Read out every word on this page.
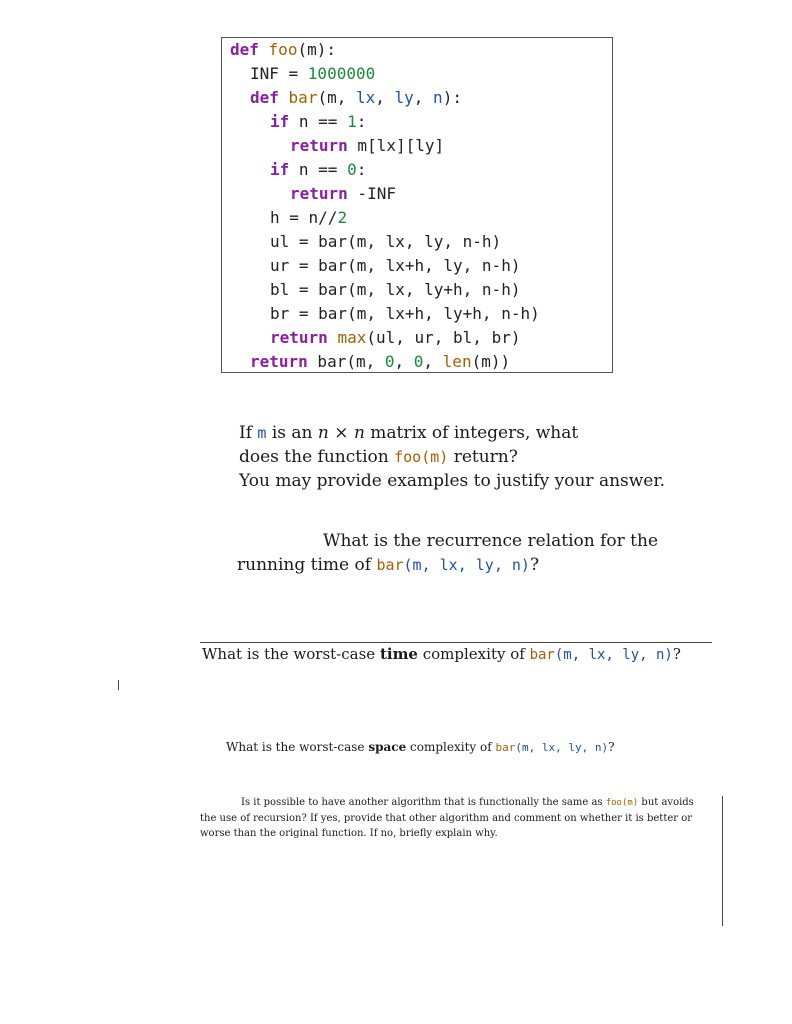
def foo(m):
INF = 1000000
def bar(m, lx, ly, n):
if n == 1:
return m[lx][ly]
if n == 0:
return -INF
h = n//2
ul = bar(m, lx, ly, n-h)
ur = bar(m, lx+h, ly, n-h)
bl = bar(m, lx, ly+h, n-h)
br = bar(m, lx+h, ly+h, n-h)
return max(ul, ur, bl, br)
return bar(m, 0, 0, len(m))
If m is an n × n matrix of integers, what
does the function foo(m) return?
You may provide examples to justify your answer.
What is the recurrence relation for the
running time of bar(m, lx, ly, n)?
What is the worst-case time complexity of bar(m, lx, ly, n)?
What is the worst-case space complexity of bar(m, lx, ly, n)?
Is it possible to have another algorithm that is functionally the same as foo(m) but avoids
the use of recursion? If yes, provide that other algorithm and comment on whether it is better or
worse than the original function. If no, briefly explain why.
